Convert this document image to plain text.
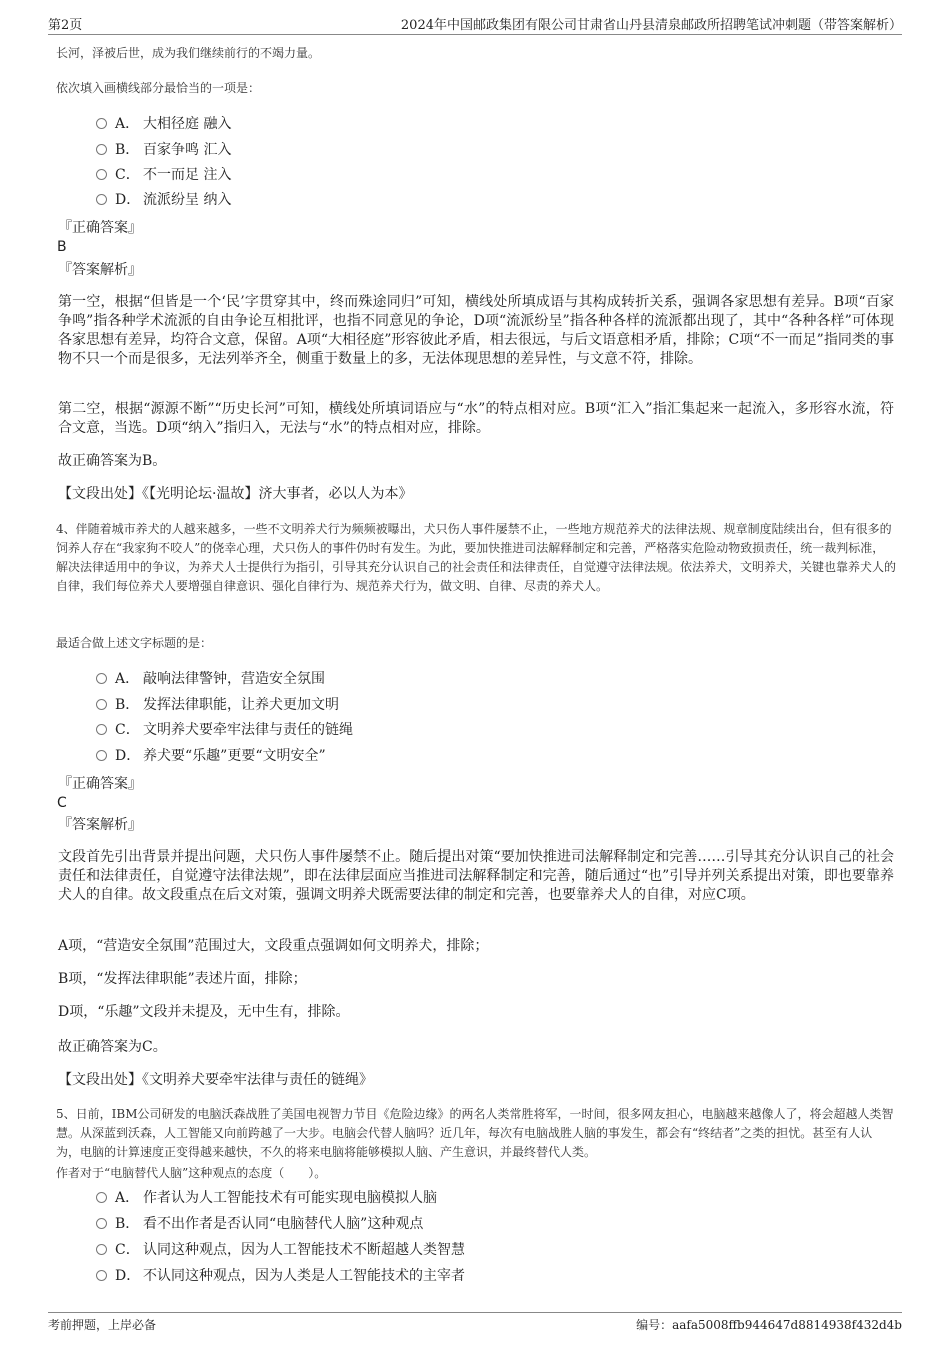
第2页	2024年中国邮政集团有限公司甘肃省山丹县清泉邮政所招聘笔试冲刺题（带答案解析）
长河，泽被后世，成为我们继续前行的不竭力量。
依次填入画横线部分最恰当的一项是：
A． 大相径庭 融入
B． 百家争鸣 汇入
C． 不一而足 注入
D． 流派纷呈 纳入
『正确答案』
B
『答案解析』
第一空，根据“但皆是一个‘民’字贯穿其中，终而殊途同归”可知，横线处所填成语与其构成转折关系，强调各家思想有差异。B项“百家争鸣”指各种学术流派的自由争论互相批评，也指不同意见的争论，D项“流派纷呈”指各种各样的流派都出现了，其中“各种各样”可体现各家思想有差异，均符合文意，保留。A项“大相径庭”形容彼此矛盾，相去很远，与后文语意相矛盾，排除；C项“不一而足”指同类的事物不只一个而是很多，无法列举齐全，侧重于数量上的多，无法体现思想的差异性，与文意不符，排除。
第二空，根据“源源不断”“历史长河”可知，横线处所填词语应与“水”的特点相对应。B项“汇入”指汇集起来一起流入，多形容水流，符合文意，当选。D项“纳入”指归入，无法与“水”的特点相对应，排除。
故正确答案为B。
【文段出处】《【光明论坛·温故】济大事者，必以人为本》
4、伴随着城市养犬的人越来越多，一些不文明养犬行为频频被曝出，犬只伤人事件屡禁不止，一些地方规范养犬的法律法规、规章制度陆续出台，但有很多的饲养人存在“我家狗不咬人”的侥幸心理，犬只伤人的事件仍时有发生。为此，要加快推进司法解释制定和完善，严格落实危险动物致损责任，统一裁判标准，解决法律适用中的争议，为养犬人士提供行为指引，引导其充分认识自己的社会责任和法律责任，自觉遵守法律法规。依法养犬，文明养犬，关键也靠养犬人的自律，我们每位养犬人要增强自律意识、强化自律行为、规范养犬行为，做文明、自律、尽责的养犬人。
最适合做上述文字标题的是：
A． 敲响法律警钟，营造安全氛围
B． 发挥法律职能，让养犬更加文明
C． 文明养犬要牵牢法律与责任的链绳
D． 养犬要“乐趣”更要“文明安全”
『正确答案』
C
『答案解析』
文段首先引出背景并提出问题，犬只伤人事件屡禁不止。随后提出对策“要加快推进司法解释制定和完善……引导其充分认识自己的社会责任和法律责任，自觉遵守法律法规”，即在法律层面应当推进司法解释制定和完善，随后通过“也”引导并列关系提出对策，即也要靠养犬人的自律。故文段重点在后文对策，强调文明养犬既需要法律的制定和完善，也要靠养犬人的自律，对应C项。
A项，“营造安全氛围”范围过大，文段重点强调如何文明养犬，排除；
B项，“发挥法律职能”表述片面，排除；
D项，“乐趣”文段并未提及，无中生有，排除。
故正确答案为C。
【文段出处】《文明养犬要牵牢法律与责任的链绳》
5、日前，IBM公司研发的电脑沃森战胜了美国电视智力节目《危险边缘》的两名人类常胜将军，一时间，很多网友担心，电脑越来越像人了，将会超越人类智慧。从深蓝到沃森，人工智能又向前跨越了一大步。电脑会代替人脑吗？近几年，每次有电脑战胜人脑的事发生，都会有“终结者”之类的担忧。甚至有人认为，电脑的计算速度正变得越来越快，不久的将来电脑将能够模拟人脑、产生意识，并最终替代人类。
作者对于“电脑替代人脑”这种观点的态度（　　）。
A． 作者认为人工智能技术有可能实现电脑模拟人脑
B． 看不出作者是否认同“电脑替代人脑”这种观点
C． 认同这种观点，因为人工智能技术不断超越人类智慧
D． 不认同这种观点，因为人类是人工智能技术的主宰者
考前押题，上岸必备	编号：aafa5008ffb944647d8814938f432d4b
